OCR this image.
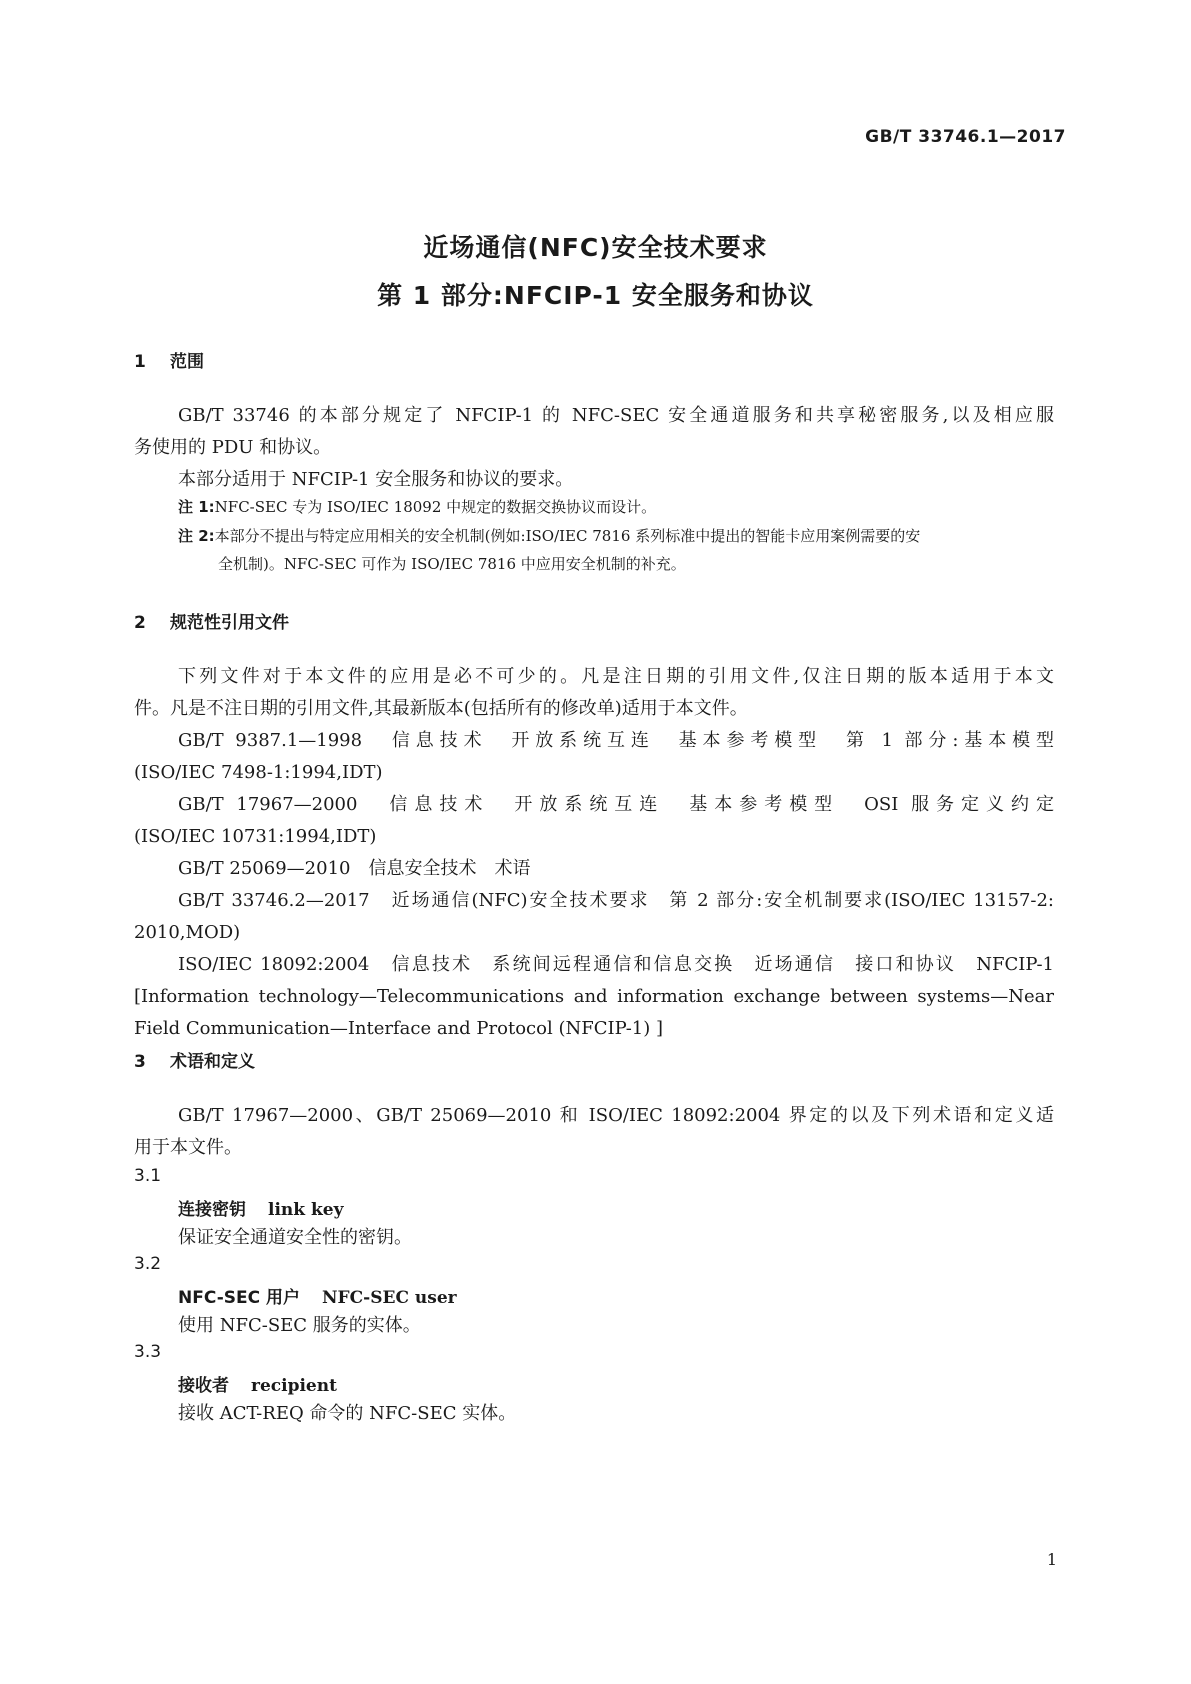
GB/T 33746.1—2017
近场通信(NFC)安全技术要求
第 1 部分:NFCIP-1 安全服务和协议
1 范围
GB/T 33746 的本部分规定了 NFCIP-1 的 NFC-SEC 安全通道服务和共享秘密服务,以及相应服
务使用的 PDU 和协议。
本部分适用于 NFCIP-1 安全服务和协议的要求。
注 1:NFC-SEC 专为 ISO/IEC 18092 中规定的数据交换协议而设计。
注 2:本部分不提出与特定应用相关的安全机制(例如:ISO/IEC 7816 系列标准中提出的智能卡应用案例需要的安
全机制)。NFC-SEC 可作为 ISO/IEC 7816 中应用安全机制的补充。
2 规范性引用文件
下列文件对于本文件的应用是必不可少的。凡是注日期的引用文件,仅注日期的版本适用于本文
件。凡是不注日期的引用文件,其最新版本(包括所有的修改单)适用于本文件。
GB/T 9387.1—1998　信息技术　开放系统互连　基本参考模型　第 1 部分:基本模型
(ISO/IEC 7498-1:1994,IDT)
GB/T 17967—2000　信息技术　开放系统互连　基本参考模型　OSI 服务定义约定
(ISO/IEC 10731:1994,IDT)
GB/T 25069—2010　信息安全技术　术语
GB/T 33746.2—2017　近场通信(NFC)安全技术要求　第 2 部分:安全机制要求(ISO/IEC 13157-2:
2010,MOD)
ISO/IEC 18092:2004　信息技术　系统间远程通信和信息交换　近场通信　接口和协议　NFCIP-1
[Information technology—Telecommunications and information exchange between systems—Near
Field Communication—Interface and Protocol (NFCIP-1) ]
3 术语和定义
GB/T 17967—2000、GB/T 25069—2010 和 ISO/IEC 18092:2004 界定的以及下列术语和定义适
用于本文件。
3.1
连接密钥 link key
保证安全通道安全性的密钥。
3.2
NFC-SEC 用户 NFC-SEC user
使用 NFC-SEC 服务的实体。
3.3
接收者 recipient
接收 ACT-REQ 命令的 NFC-SEC 实体。
1
